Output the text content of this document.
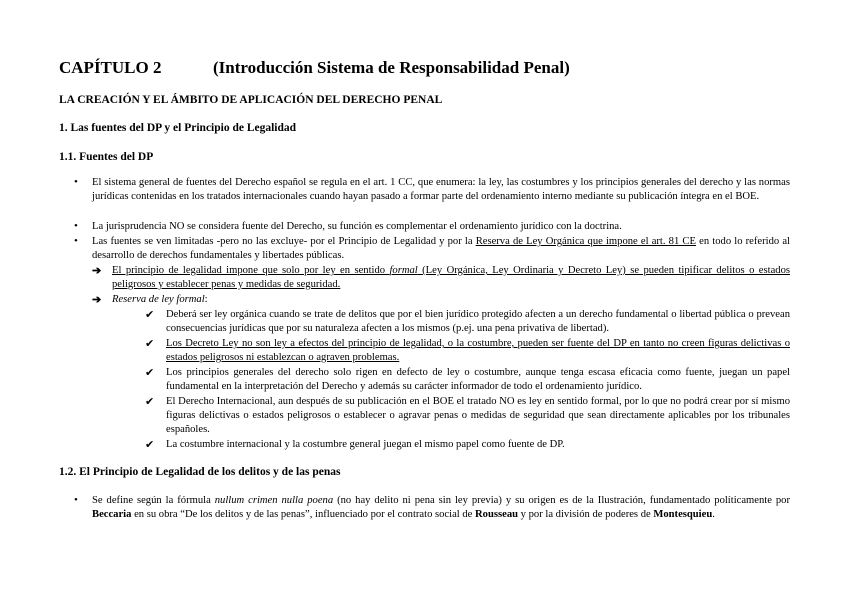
CAPÍTULO 2	(Introducción Sistema de Responsabilidad Penal)
LA CREACIÓN Y EL ÁMBITO DE APLICACIÓN DEL DERECHO PENAL
1. Las fuentes del DP y el Principio de Legalidad
1.1. Fuentes del DP
• El sistema general de fuentes del Derecho español se regula en el art. 1 CC, que enumera: la ley, las costumbres y los principios generales del derecho y las normas jurídicas contenidas en los tratados internacionales cuando hayan pasado a formar parte del ordenamiento interno mediante su publicación íntegra en el BOE.
• La jurisprudencia NO se considera fuente del Derecho, su función es complementar el ordenamiento jurídico con la doctrina.
• Las fuentes se ven limitadas -pero no las excluye- por el Principio de Legalidad y por la Reserva de Ley Orgánica que impone el art. 81 CE en todo lo referido al desarrollo de derechos fundamentales y libertades públicas.
➔ El principio de legalidad impone que solo por ley en sentido formal (Ley Orgánica, Ley Ordinaria y Decreto Ley) se pueden tipificar delitos o estados peligrosos y establecer penas y medidas de seguridad.
➔ Reserva de ley formal:
✔ Deberá ser ley orgánica cuando se trate de delitos que por el bien jurídico protegido afecten a un derecho fundamental o libertad pública o prevean consecuencias jurídicas que por su naturaleza afecten a los mismos (p.ej. una pena privativa de libertad).
✔ Los Decreto Ley no son ley a efectos del principio de legalidad, o la costumbre, pueden ser fuente del DP en tanto no creen figuras delictivas o estados peligrosos ni establezcan o agraven problemas.
✔ Los principios generales del derecho solo rigen en defecto de ley o costumbre, aunque tenga escasa eficacia como fuente, juegan un papel fundamental en la interpretación del Derecho y además su carácter informador de todo el ordenamiento jurídico.
✔ El Derecho Internacional, aun después de su publicación en el BOE el tratado NO es ley en sentido formal, por lo que no podrá crear por sí mismo figuras delictivas o estados peligrosos o establecer o agravar penas o medidas de seguridad que sean directamente aplicables por los tribunales españoles.
✔ La costumbre internacional y la costumbre general juegan el mismo papel como fuente de DP.
1.2. El Principio de Legalidad de los delitos y de las penas
• Se define según la fórmula nullum crimen nulla poena (no hay delito ni pena sin ley previa) y su origen es de la Ilustración, fundamentado políticamente por Beccaria en su obra “De los delitos y de las penas”, influenciado por el contrato social de Rousseau y por la división de poderes de Montesquieu.
